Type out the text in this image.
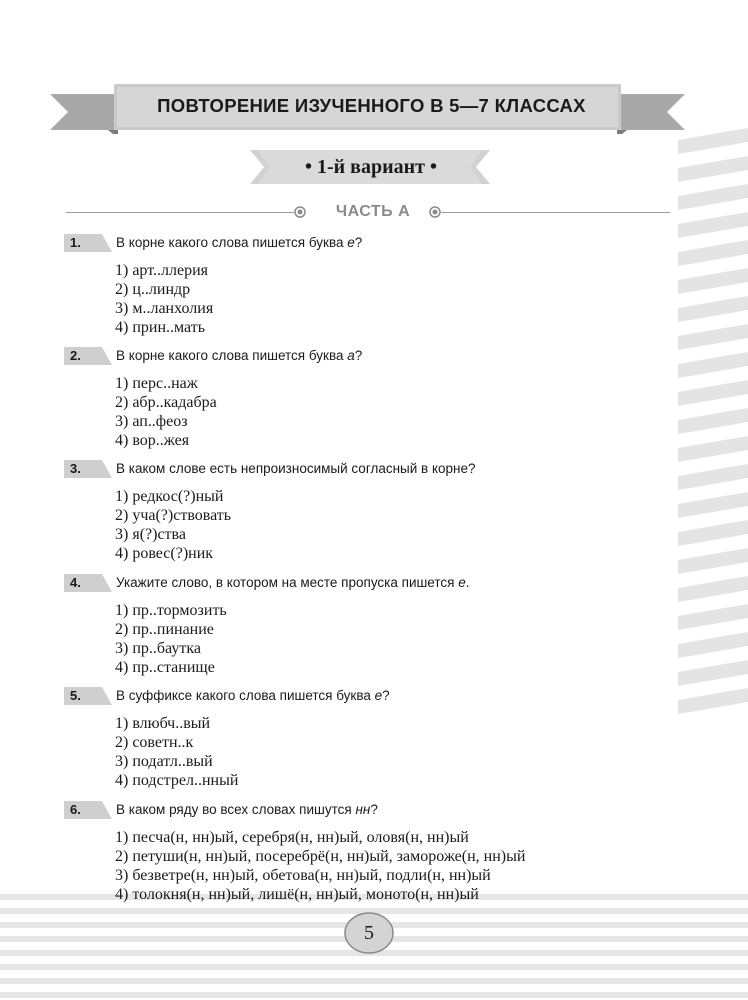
ПОВТОРЕНИЕ ИЗУЧЕННОГО В 5—7 КЛАССАХ
• 1-й вариант •
ЧАСТЬ А
1.	В корне какого слова пишется буква е?
1) арт..ллерия
2) ц..линдр
3) м..ланхолия
4) прин..мать
2.	В корне какого слова пишется буква а?
1) перс..наж
2) абр..кадабра
3) ап..феоз
4) вор..жея
3.	В каком слове есть непроизносимый согласный в корне?
1) редкос(?)ный
2) уча(?)ствовать
3) я(?)ства
4) ровес(?)ник
4.	Укажите слово, в котором на месте пропуска пишется е.
1) пр..тормозить
2) пр..пинание
3) пр..баутка
4) пр..станище
5.	В суффиксе какого слова пишется буква е?
1) влюбч..вый
2) советн..к
3) податл..вый
4) подстрел..нный
6.	В каком ряду во всех словах пишутся нн?
1) песча(н, нн)ый, серебря(н, нн)ый, оловя(н, нн)ый
2) петуши(н, нн)ый, посеребрё(н, нн)ый, замороже(н, нн)ый
3) безветре(н, нн)ый, обетова(н, нн)ый, подли(н, нн)ый
4) толокня(н, нн)ый, лишё(н, нн)ый, моното(н, нн)ый
5
